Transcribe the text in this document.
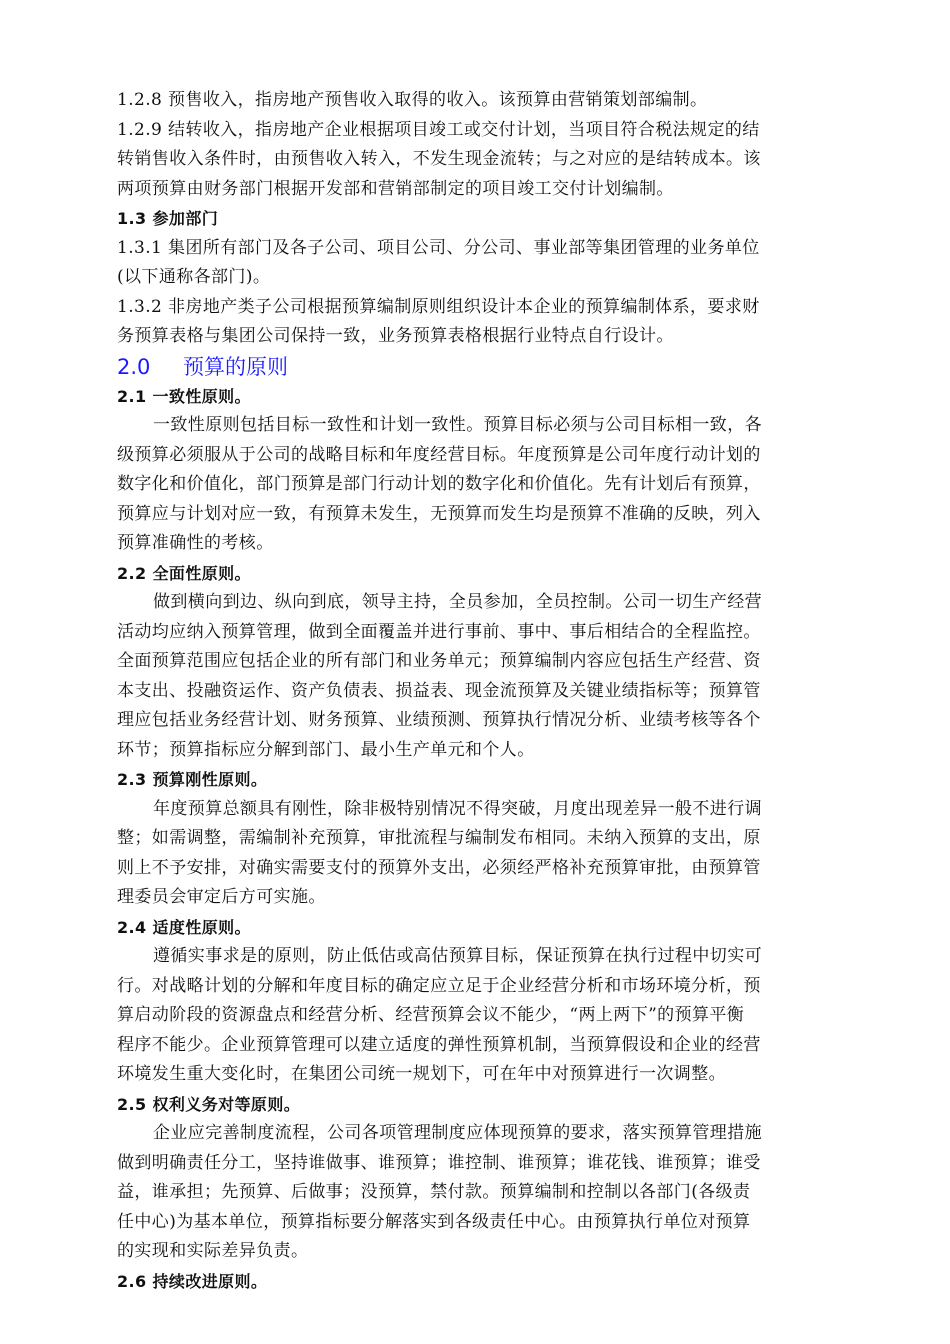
1.2.8 预售收入，指房地产预售收入取得的收入。该预算由营销策划部编制。
1.2.9 结转收入，指房地产企业根据项目竣工或交付计划，当项目符合税法规定的结
转销售收入条件时，由预售收入转入，不发生现金流转；与之对应的是结转成本。该
两项预算由财务部门根据开发部和营销部制定的项目竣工交付计划编制。
1.3 参加部门
1.3.1 集团所有部门及各子公司、项目公司、分公司、事业部等集团管理的业务单位
(以下通称各部门)。
1.3.2 非房地产类子公司根据预算编制原则组织设计本企业的预算编制体系，要求财
务预算表格与集团公司保持一致，业务预算表格根据行业特点自行设计。
2.0 预算的原则
2.1 一致性原则。
一致性原则包括目标一致性和计划一致性。预算目标必须与公司目标相一致，各
级预算必须服从于公司的战略目标和年度经营目标。年度预算是公司年度行动计划的
数字化和价值化，部门预算是部门行动计划的数字化和价值化。先有计划后有预算，
预算应与计划对应一致，有预算未发生，无预算而发生均是预算不准确的反映，列入
预算准确性的考核。
2.2 全面性原则。
做到横向到边、纵向到底，领导主持，全员参加，全员控制。公司一切生产经营
活动均应纳入预算管理，做到全面覆盖并进行事前、事中、事后相结合的全程监控。
全面预算范围应包括企业的所有部门和业务单元；预算编制内容应包括生产经营、资
本支出、投融资运作、资产负债表、损益表、现金流预算及关键业绩指标等；预算管
理应包括业务经营计划、财务预算、业绩预测、预算执行情况分析、业绩考核等各个
环节；预算指标应分解到部门、最小生产单元和个人。
2.3 预算刚性原则。
年度预算总额具有刚性，除非极特别情况不得突破，月度出现差异一般不进行调
整；如需调整，需编制补充预算，审批流程与编制发布相同。未纳入预算的支出，原
则上不予安排，对确实需要支付的预算外支出，必须经严格补充预算审批，由预算管
理委员会审定后方可实施。
2.4 适度性原则。
遵循实事求是的原则，防止低估或高估预算目标，保证预算在执行过程中切实可
行。对战略计划的分解和年度目标的确定应立足于企业经营分析和市场环境分析，预
算启动阶段的资源盘点和经营分析、经营预算会议不能少，“两上两下”的预算平衡
程序不能少。企业预算管理可以建立适度的弹性预算机制，当预算假设和企业的经营
环境发生重大变化时，在集团公司统一规划下，可在年中对预算进行一次调整。
2.5 权利义务对等原则。
企业应完善制度流程，公司各项管理制度应体现预算的要求，落实预算管理措施
做到明确责任分工，坚持谁做事、谁预算；谁控制、谁预算；谁花钱、谁预算；谁受
益，谁承担；先预算、后做事；没预算，禁付款。预算编制和控制以各部门(各级责
任中心)为基本单位，预算指标要分解落实到各级责任中心。由预算执行单位对预算
的实现和实际差异负责。
2.6 持续改进原则。
